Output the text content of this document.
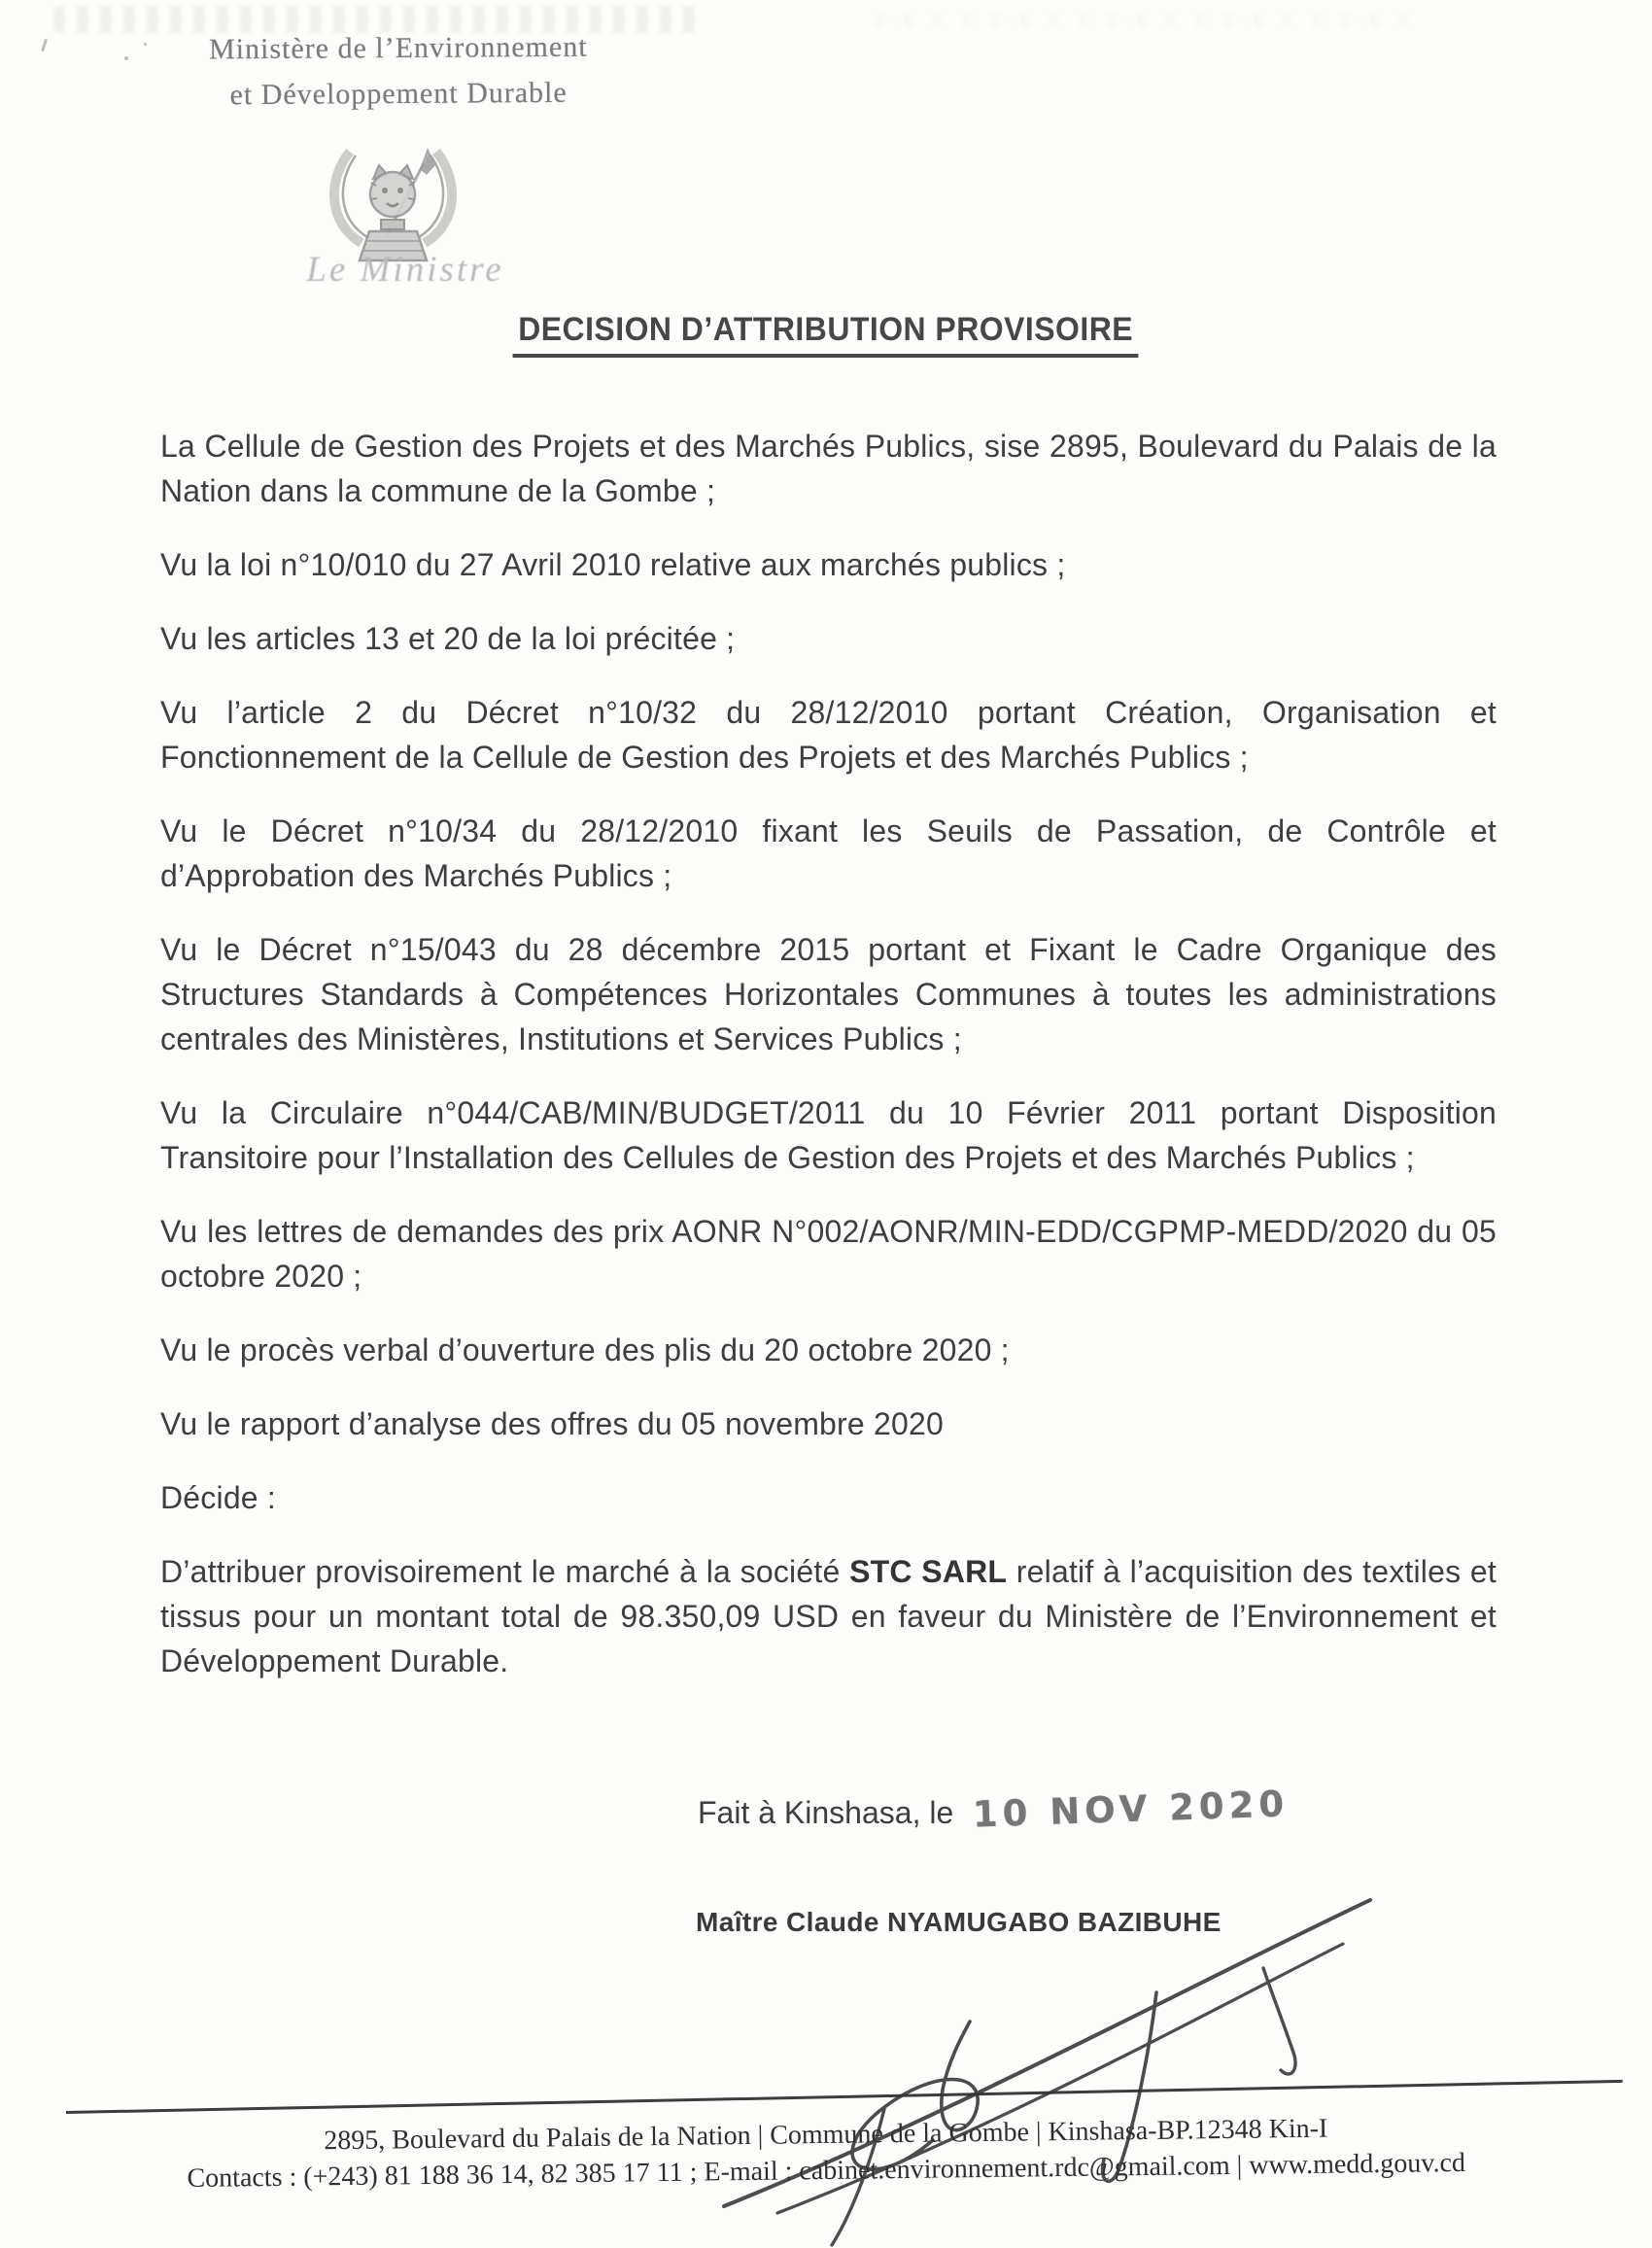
Ministère de l’Environnement
et Développement Durable
Le Ministre
DECISION D’ATTRIBUTION PROVISOIRE

La Cellule de Gestion des Projets et des Marchés Publics, sise 2895, Boulevard du Palais de la Nation dans la commune de la Gombe ;

Vu la loi n°10/010 du 27 Avril 2010 relative aux marchés publics ;

Vu les articles 13 et 20 de la loi précitée ;

Vu l’article 2 du Décret n°10/32 du 28/12/2010 portant Création, Organisation et Fonctionnement de la Cellule de Gestion des Projets et des Marchés Publics ;

Vu le Décret n°10/34 du 28/12/2010 fixant les Seuils de Passation, de Contrôle et d’Approbation des Marchés Publics ;

Vu le Décret n°15/043 du 28 décembre 2015 portant et Fixant le Cadre Organique des Structures Standards à Compétences Horizontales Communes à toutes les administrations centrales des Ministères, Institutions et Services Publics ;

Vu la Circulaire n°044/CAB/MIN/BUDGET/2011 du 10 Février 2011 portant Disposition Transitoire pour l’Installation des Cellules de Gestion des Projets et des Marchés Publics ;

Vu les lettres de demandes des prix AONR N°002/AONR/MIN-EDD/CGPMP-MEDD/2020 du 05 octobre 2020 ;

Vu le procès verbal d’ouverture des plis du 20 octobre 2020 ;

Vu le rapport d’analyse des offres du 05 novembre 2020

Décide :

D’attribuer provisoirement le marché à la société STC SARL relatif à l’acquisition des textiles et tissus pour un montant total de 98.350,09 USD en faveur du Ministère de l’Environnement et Développement Durable.

Fait à Kinshasa, le 10 NOV 2020
Maître Claude NYAMUGABO BAZIBUHE
2895, Boulevard du Palais de la Nation | Commune de la Gombe | Kinshasa-BP.12348 Kin-I
Contacts : (+243) 81 188 36 14, 82 385 17 11 ; E-mail : cabinet.environnement.rdc@gmail.com | www.medd.gouv.cd
